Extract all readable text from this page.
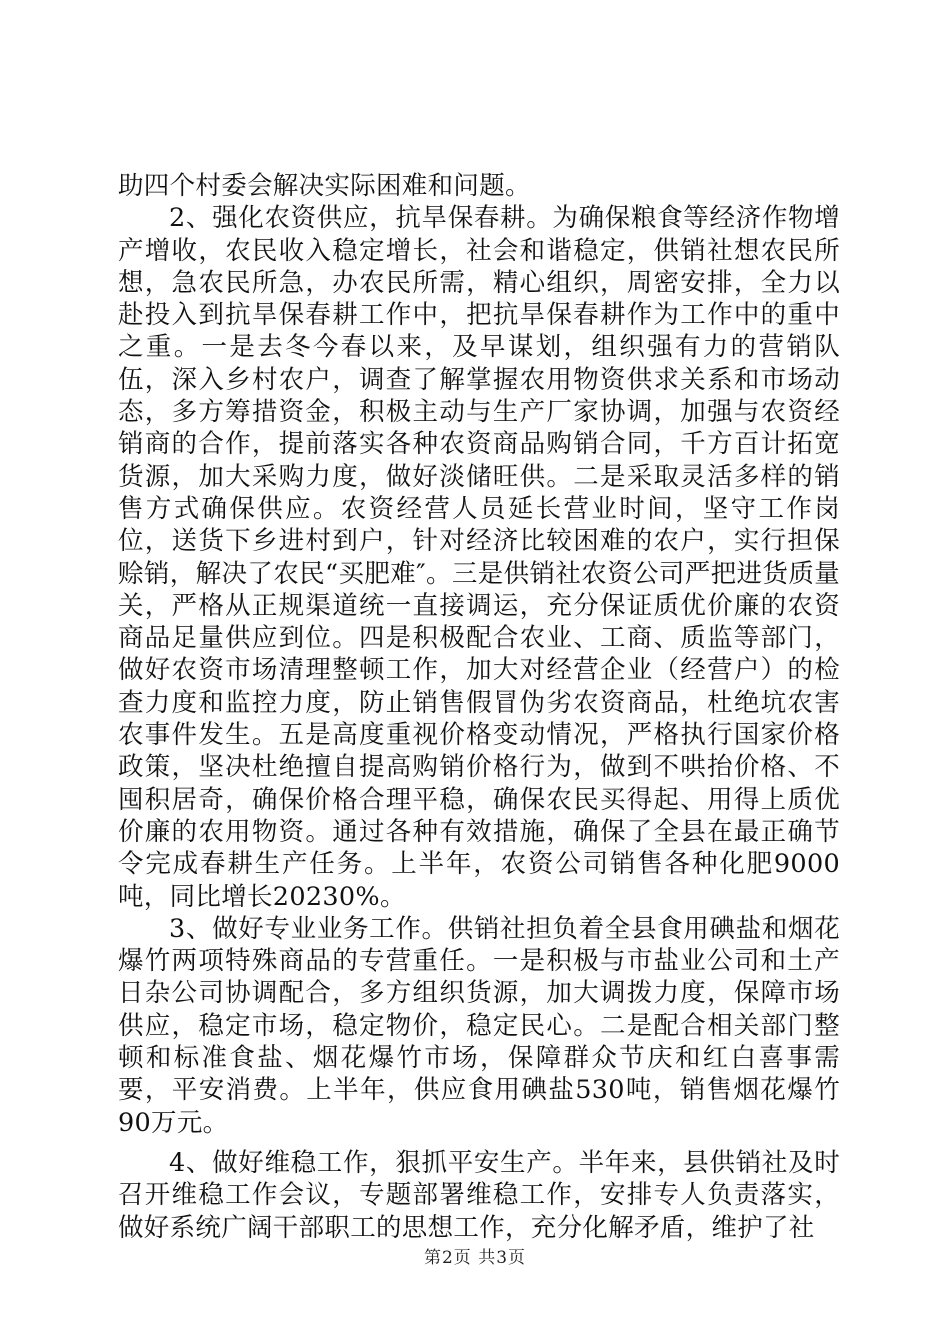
助四个村委会解决实际困难和问题。

2、强化农资供应，抗旱保春耕。为确保粮食等经济作物增产增收，农民收入稳定增长，社会和谐稳定，供销社想农民所想，急农民所急，办农民所需，精心组织，周密安排，全力以赴投入到抗旱保春耕工作中，把抗旱保春耕作为工作中的重中之重。一是去冬今春以来，及早谋划，组织强有力的营销队伍，深入乡村农户，调查了解掌握农用物资供求关系和市场动态，多方筹措资金，积极主动与生产厂家协调，加强与农资经销商的合作，提前落实各种农资商品购销合同，千方百计拓宽货源，加大采购力度，做好淡储旺供。二是采取灵活多样的销售方式确保供应。农资经营人员延长营业时间，坚守工作岗位，送货下乡进村到户，针对经济比较困难的农户，实行担保赊销，解决了农民“买肥难″。三是供销社农资公司严把进货质量关，严格从正规渠道统一直接调运，充分保证质优价廉的农资商品足量供应到位。四是积极配合农业、工商、质监等部门，做好农资市场清理整顿工作，加大对经营企业（经营户）的检查力度和监控力度，防止销售假冒伪劣农资商品，杜绝坑农害农事件发生。五是高度重视价格变动情况，严格执行国家价格政策，坚决杜绝擅自提高购销价格行为，做到不哄抬价格、不囤积居奇，确保价格合理平稳，确保农民买得起、用得上质优价廉的农用物资。通过各种有效措施，确保了全县在最正确节令完成春耕生产任务。上半年，农资公司销售各种化肥9000吨，同比增长20230%。

3、做好专业业务工作。供销社担负着全县食用碘盐和烟花爆竹两项特殊商品的专营重任。一是积极与市盐业公司和土产日杂公司协调配合，多方组织货源，加大调拨力度，保障市场供应，稳定市场，稳定物价，稳定民心。二是配合相关部门整顿和标准食盐、烟花爆竹市场，保障群众节庆和红白喜事需要，平安消费。上半年，供应食用碘盐530吨，销售烟花爆竹90万元。

4、做好维稳工作，狠抓平安生产。半年来，县供销社及时召开维稳工作会议，专题部署维稳工作，安排专人负责落实，做好系统广阔干部职工的思想工作，充分化解矛盾，维护了社

第2页 共3页
